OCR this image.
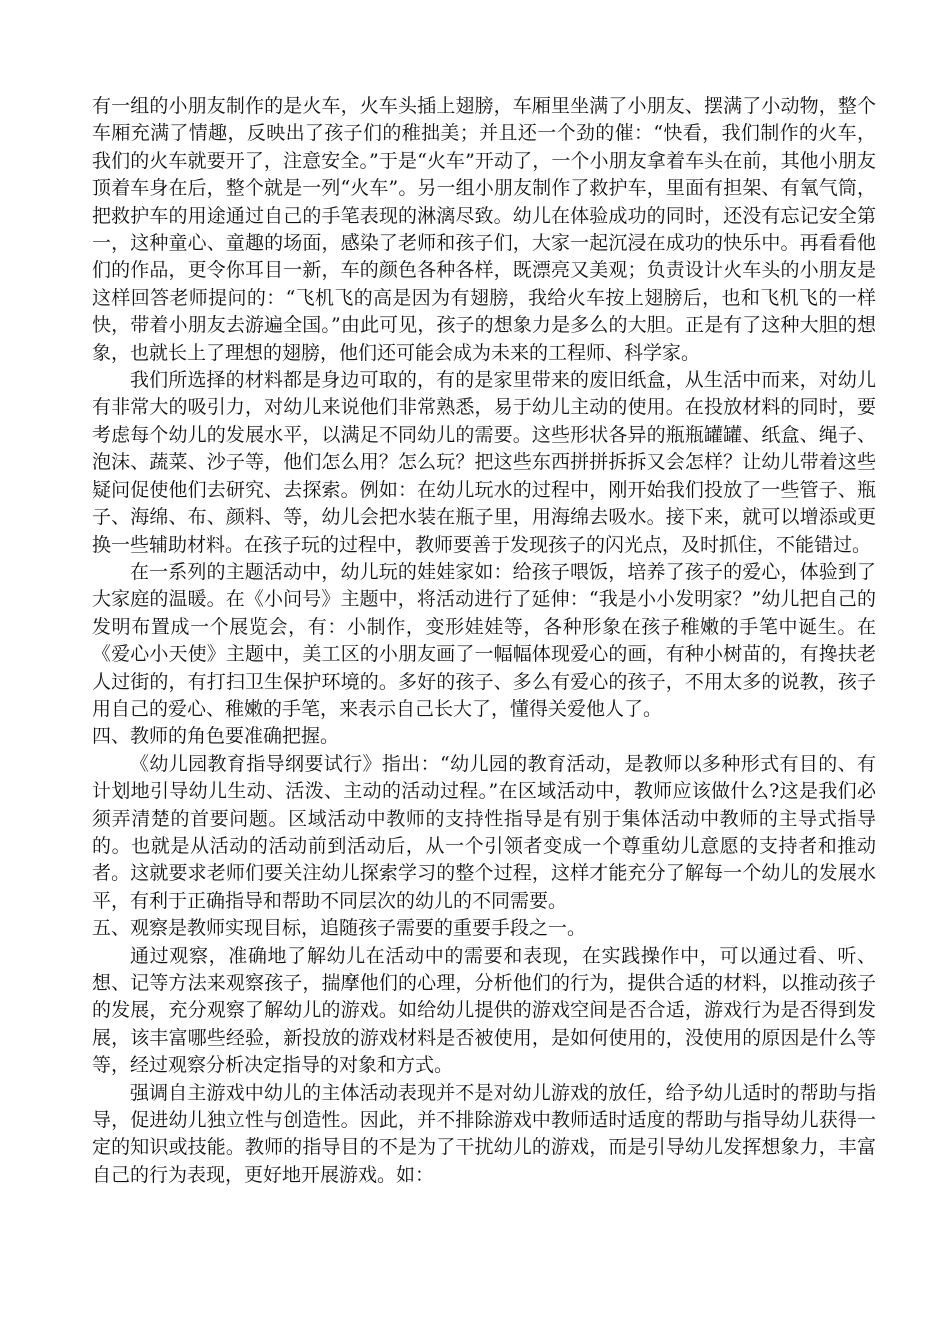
有一组的小朋友制作的是火车，火车头插上翅膀，车厢里坐满了小朋友、摆满了小动物，整个车厢充满了情趣，反映出了孩子们的稚拙美；并且还一个劲的催：“快看，我们制作的火车，我们的火车就要开了，注意安全。”于是“火车”开动了，一个小朋友拿着车头在前，其他小朋友顶着车身在后，整个就是一列“火车”。另一组小朋友制作了救护车，里面有担架、有氧气筒，把救护车的用途通过自己的手笔表现的淋漓尽致。幼儿在体验成功的同时，还没有忘记安全第一，这种童心、童趣的场面，感染了老师和孩子们，大家一起沉浸在成功的快乐中。再看看他们的作品，更令你耳目一新，车的颜色各种各样，既漂亮又美观；负责设计火车头的小朋友是这样回答老师提问的：“飞机飞的高是因为有翅膀，我给火车按上翅膀后，也和飞机飞的一样快，带着小朋友去游遍全国。”由此可见，孩子的想象力是多么的大胆。正是有了这种大胆的想象，也就长上了理想的翅膀，他们还可能会成为未来的工程师、科学家。

我们所选择的材料都是身边可取的，有的是家里带来的废旧纸盒，从生活中而来，对幼儿有非常大的吸引力，对幼儿来说他们非常熟悉，易于幼儿主动的使用。在投放材料的同时，要考虑每个幼儿的发展水平，以满足不同幼儿的需要。这些形状各异的瓶瓶罐罐、纸盒、绳子、泡沫、蔬菜、沙子等，他们怎么用？怎么玩？把这些东西拼拼拆拆又会怎样？让幼儿带着这些疑问促使他们去研究、去探索。例如：在幼儿玩水的过程中，刚开始我们投放了一些管子、瓶子、海绵、布、颜料、等，幼儿会把水装在瓶子里，用海绵去吸水。接下来，就可以增添或更换一些辅助材料。在孩子玩的过程中，教师要善于发现孩子的闪光点，及时抓住，不能错过。

在一系列的主题活动中，幼儿玩的娃娃家如：给孩子喂饭，培养了孩子的爱心，体验到了大家庭的温暖。在《小问号》主题中，将活动进行了延伸：“我是小小发明家？”幼儿把自己的发明布置成一个展览会，有：小制作，变形娃娃等，各种形象在孩子稚嫩的手笔中诞生。在《爱心小天使》主题中，美工区的小朋友画了一幅幅体现爱心的画，有种小树苗的，有搀扶老人过街的，有打扫卫生保护环境的。多好的孩子、多么有爱心的孩子，不用太多的说教，孩子用自己的爱心、稚嫩的手笔，来表示自己长大了，懂得关爱他人了。

四、教师的角色要准确把握。

《幼儿园教育指导纲要试行》指出：“幼儿园的教育活动，是教师以多种形式有目的、有计划地引导幼儿生动、活泼、主动的活动过程。”在区域活动中，教师应该做什么?这是我们必须弄清楚的首要问题。区域活动中教师的支持性指导是有别于集体活动中教师的主导式指导的。也就是从活动的活动前到活动后，从一个引领者变成一个尊重幼儿意愿的支持者和推动者。这就要求老师们要关注幼儿探索学习的整个过程，这样才能充分了解每一个幼儿的发展水平，有利于正确指导和帮助不同层次的幼儿的不同需要。

五、观察是教师实现目标，追随孩子需要的重要手段之一。

通过观察，准确地了解幼儿在活动中的需要和表现，在实践操作中，可以通过看、听、想、记等方法来观察孩子，揣摩他们的心理，分析他们的行为，提供合适的材料，以推动孩子的发展，充分观察了解幼儿的游戏。如给幼儿提供的游戏空间是否合适，游戏行为是否得到发展，该丰富哪些经验，新投放的游戏材料是否被使用，是如何使用的，没使用的原因是什么等等，经过观察分析决定指导的对象和方式。

强调自主游戏中幼儿的主体活动表现并不是对幼儿游戏的放任，给予幼儿适时的帮助与指导，促进幼儿独立性与创造性。因此，并不排除游戏中教师适时适度的帮助与指导幼儿获得一定的知识或技能。教师的指导目的不是为了干扰幼儿的游戏，而是引导幼儿发挥想象力，丰富自己的行为表现，更好地开展游戏。如：
